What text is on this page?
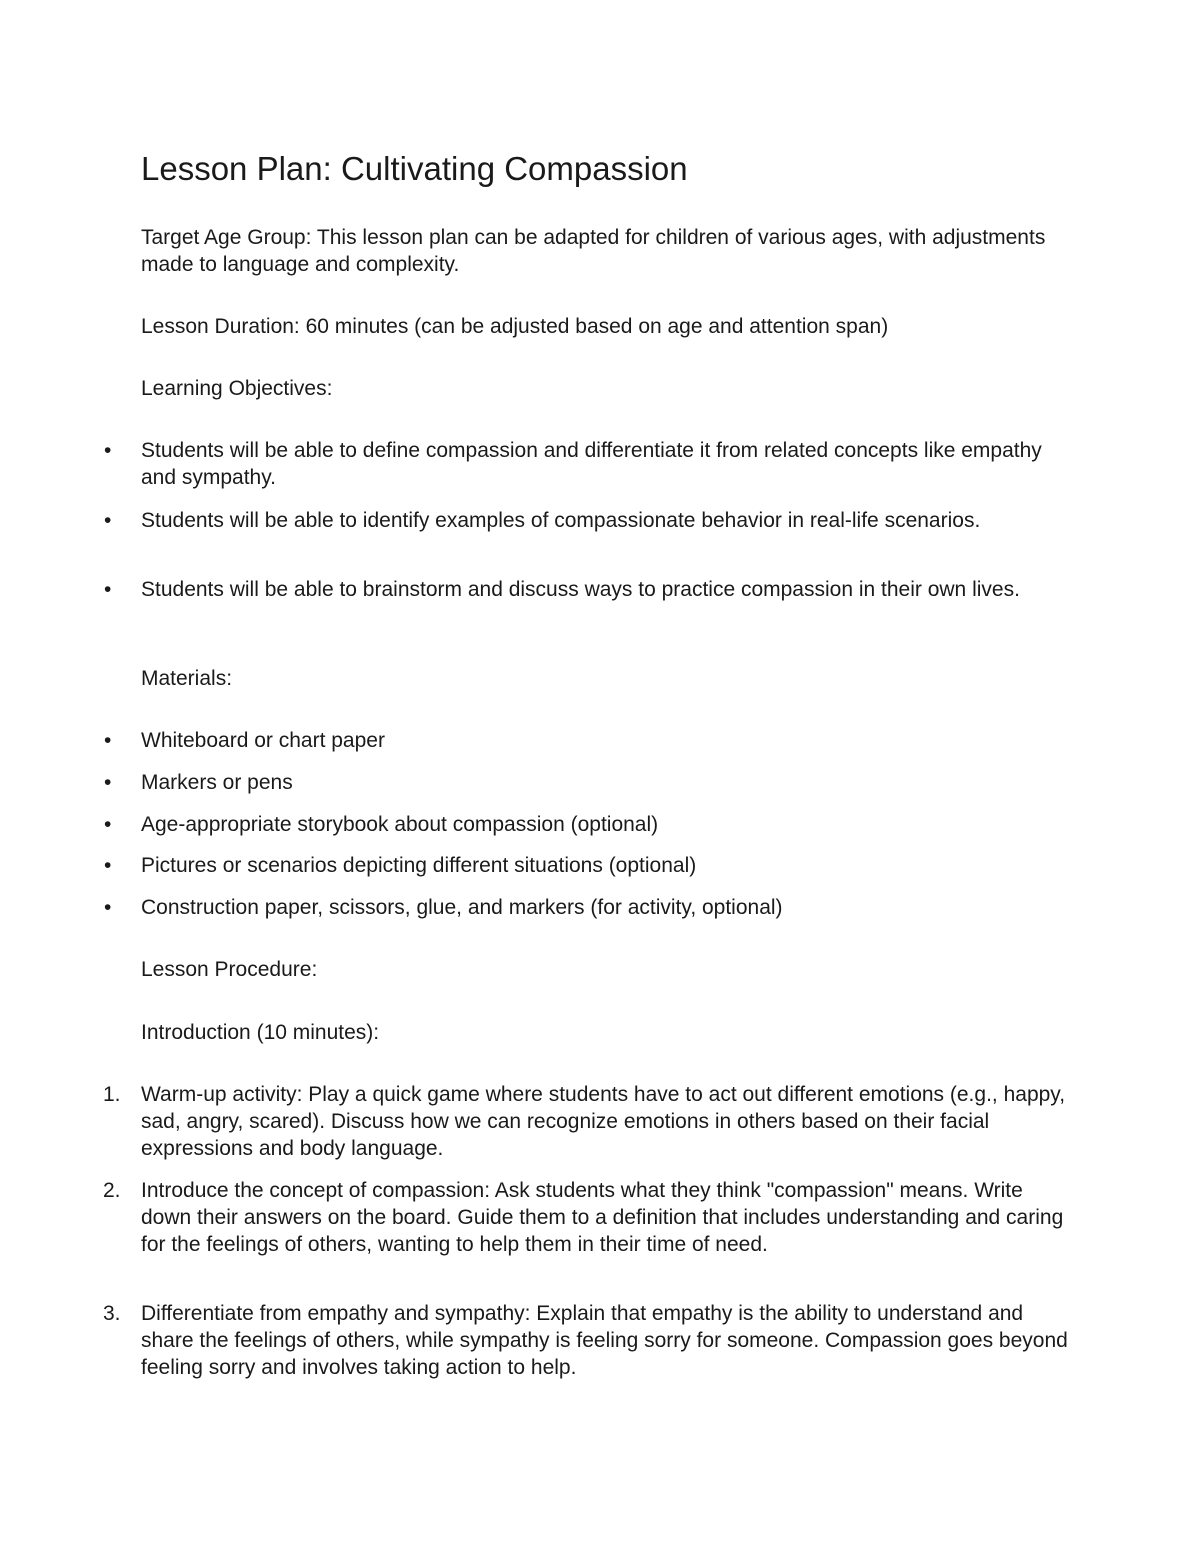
Lesson Plan: Cultivating Compassion

Target Age Group: This lesson plan can be adapted for children of various ages, with adjustments made to language and complexity.

Lesson Duration: 60 minutes (can be adjusted based on age and attention span)

Learning Objectives:

• Students will be able to define compassion and differentiate it from related concepts like empathy and sympathy.
• Students will be able to identify examples of compassionate behavior in real-life scenarios.
• Students will be able to brainstorm and discuss ways to practice compassion in their own lives.

Materials:

• Whiteboard or chart paper
• Markers or pens
• Age-appropriate storybook about compassion (optional)
• Pictures or scenarios depicting different situations (optional)
• Construction paper, scissors, glue, and markers (for activity, optional)

Lesson Procedure:

Introduction (10 minutes):

1. Warm-up activity: Play a quick game where students have to act out different emotions (e.g., happy, sad, angry, scared). Discuss how we can recognize emotions in others based on their facial expressions and body language.
2. Introduce the concept of compassion: Ask students what they think "compassion" means. Write down their answers on the board. Guide them to a definition that includes understanding and caring for the feelings of others, wanting to help them in their time of need.
3. Differentiate from empathy and sympathy: Explain that empathy is the ability to understand and share the feelings of others, while sympathy is feeling sorry for someone. Compassion goes beyond feeling sorry and involves taking action to help.
